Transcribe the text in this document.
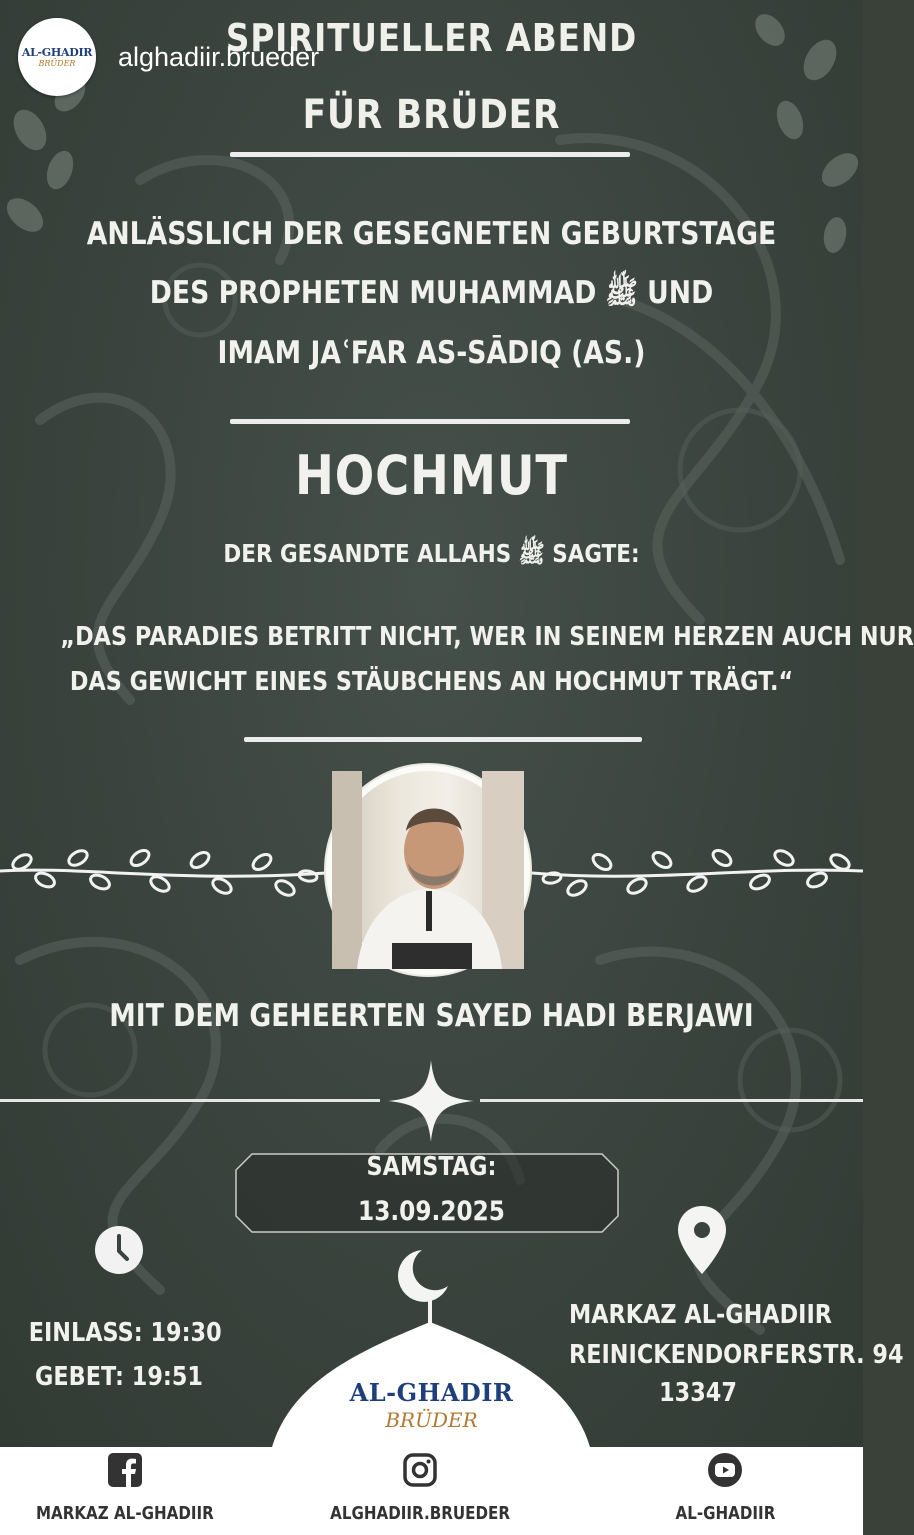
SPIRITUELLER ABEND
FÜR BRÜDER
ANLÄSSLICH DER GESEGNETEN GEBURTSTAGE
DES PROPHETEN MUHAMMAD ﷺ UND
IMAM JAʿFAR AS-SĀDIQ (AS.)
HOCHMUT
DER GESANDTE ALLAHS ﷺ SAGTE:
„DAS PARADIES BETRITT NICHT, WER IN SEINEM HERZEN AUCH NUR
DAS GEWICHT EINES STÄUBCHENS AN HOCHMUT TRÄGT.“
MIT DEM GEHEERTEN SAYED HADI BERJAWI
SAMSTAG:
13.09.2025
EINLASS: 19:30
GEBET: 19:51
MARKAZ AL-GHADIIR
REINICKENDORFERSTR. 94
13347
AL-GHADIR
BRÜDER
AL-GHADIR
BRÜDER alghadiir.brueder
MARKAZ AL-GHADIIR	ALGHADIIR.BRUEDER	AL-GHADIIR
